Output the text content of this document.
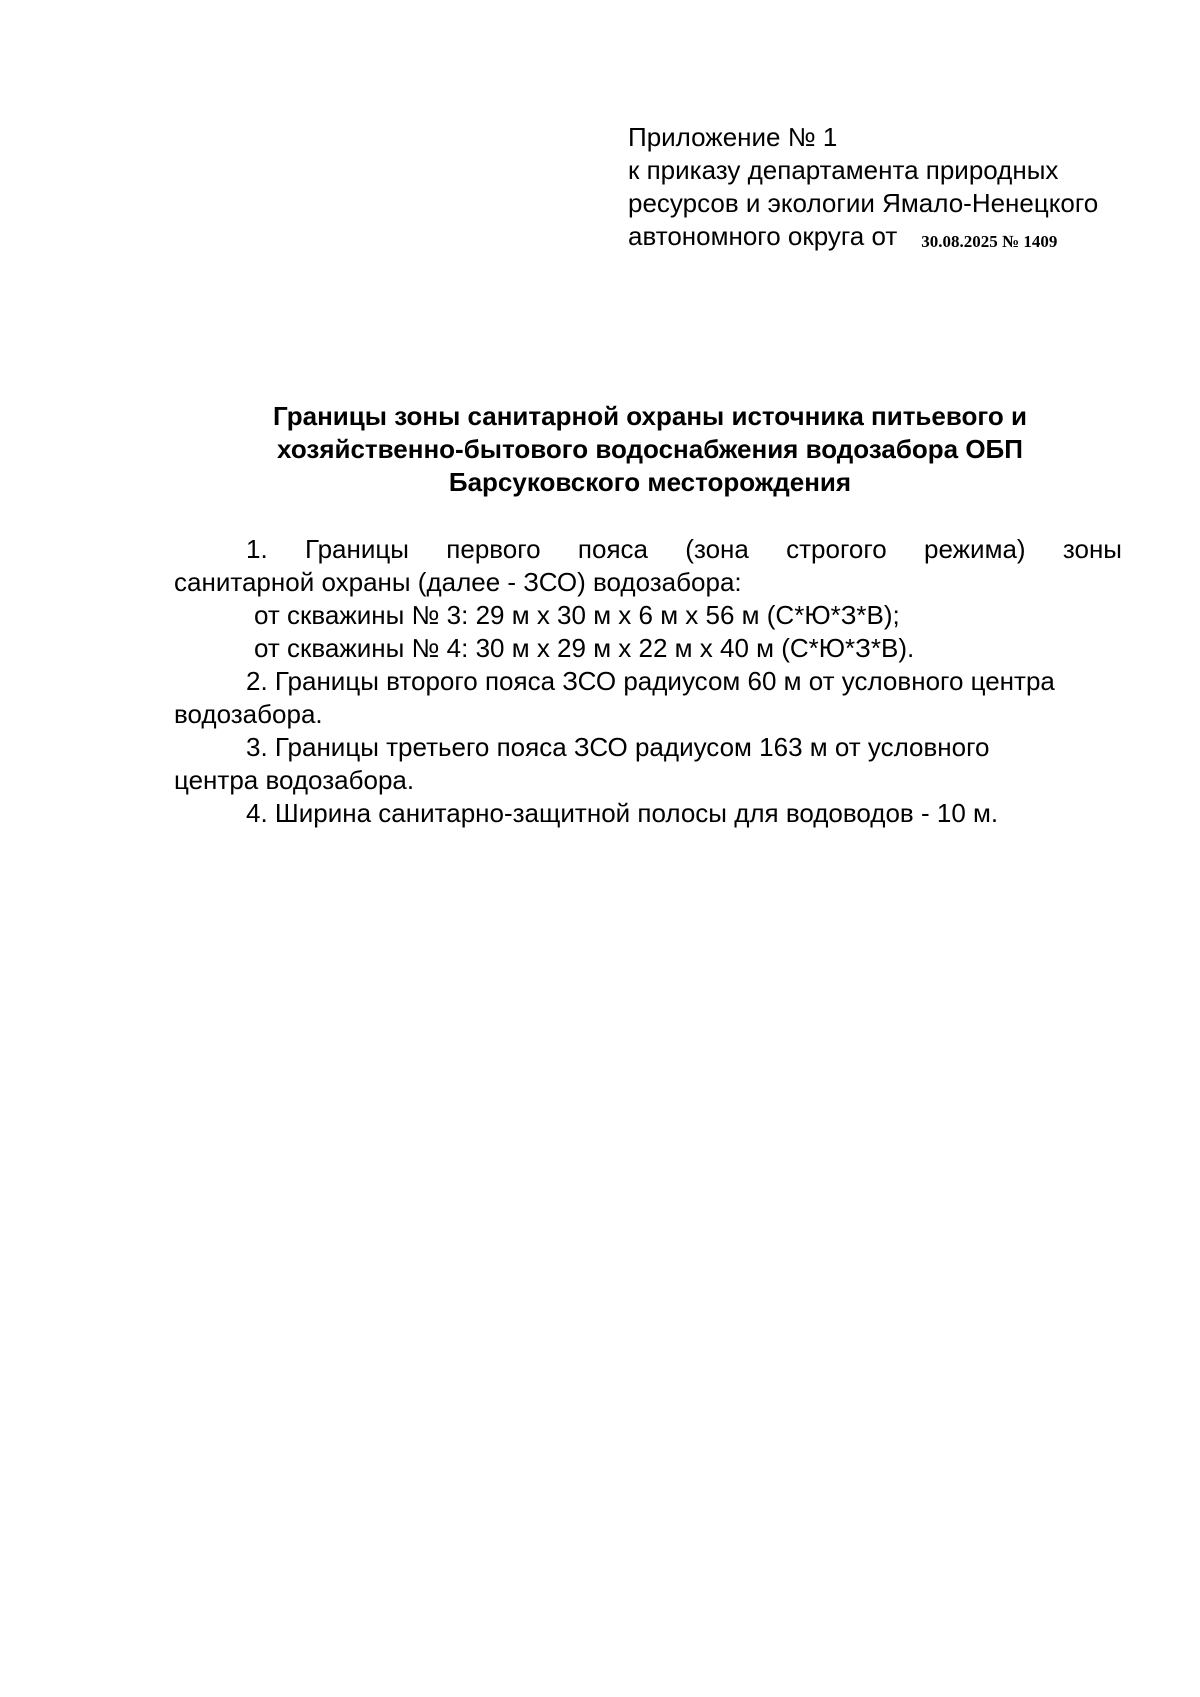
Приложение № 1
к приказу департамента природных
ресурсов и экологии Ямало-Ненецкого
автономного округа от 30.08.2025 № 1409
Границы зоны санитарной охраны источника питьевого и
хозяйственно-бытового водоснабжения водозабора ОБП
Барсуковского месторождения
1. Границы первого пояса (зона строгого режима) зоны
санитарной охраны (далее - ЗСО) водозабора:
от скважины № 3: 29 м x 30 м x 6 м x 56 м (С*Ю*З*В);
от скважины № 4: 30 м x 29 м x 22 м x 40 м (С*Ю*З*В).
2. Границы второго пояса ЗСО радиусом 60 м от условного центра
водозабора.
3. Границы третьего пояса ЗСО радиусом 163 м от условного
центра водозабора.
4. Ширина санитарно-защитной полосы для водоводов - 10 м.
